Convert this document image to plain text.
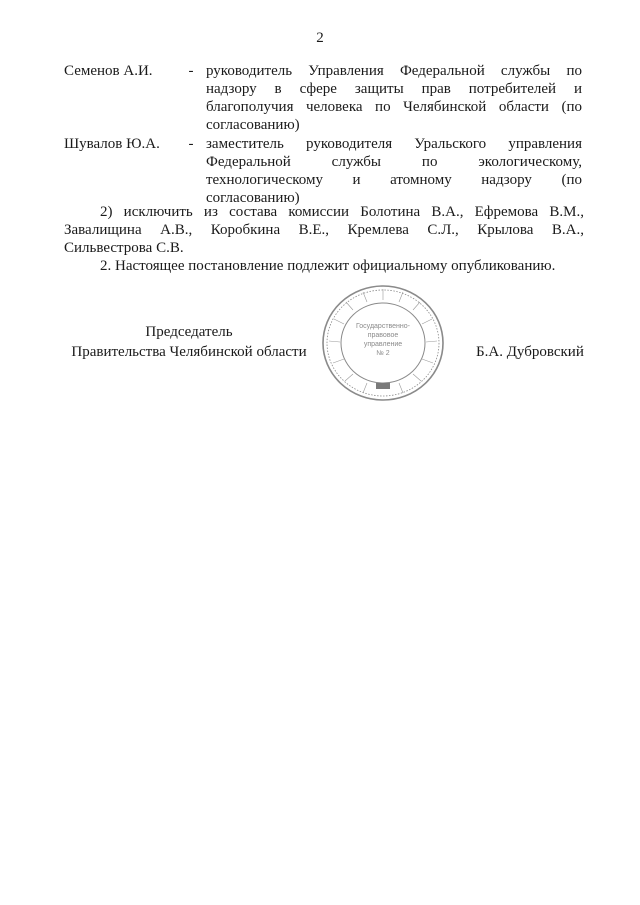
2
Семенов А.И.	- руководитель Управления Федеральной службы по
надзору в сфере защиты прав потребителей и
благополучия человека по Челябинской области (по
согласованию)
Шувалов Ю.А.	- заместитель руководителя Уральского управления
Федеральной службы по экологическому,
технологическому и атомному надзору (по
согласованию)
2) исключить из состава комиссии Болотина В.А., Ефремова В.М.,
Завалищина А.В., Коробкина В.Е., Кремлева С.Л., Крылова В.А.,
Сильвестрова С.В.
2. Настоящее постановление подлежит официальному опубликованию.
Председатель
Правительства Челябинской области	Б.А. Дубровский
Государственно-
правовое
управление
№ 2
